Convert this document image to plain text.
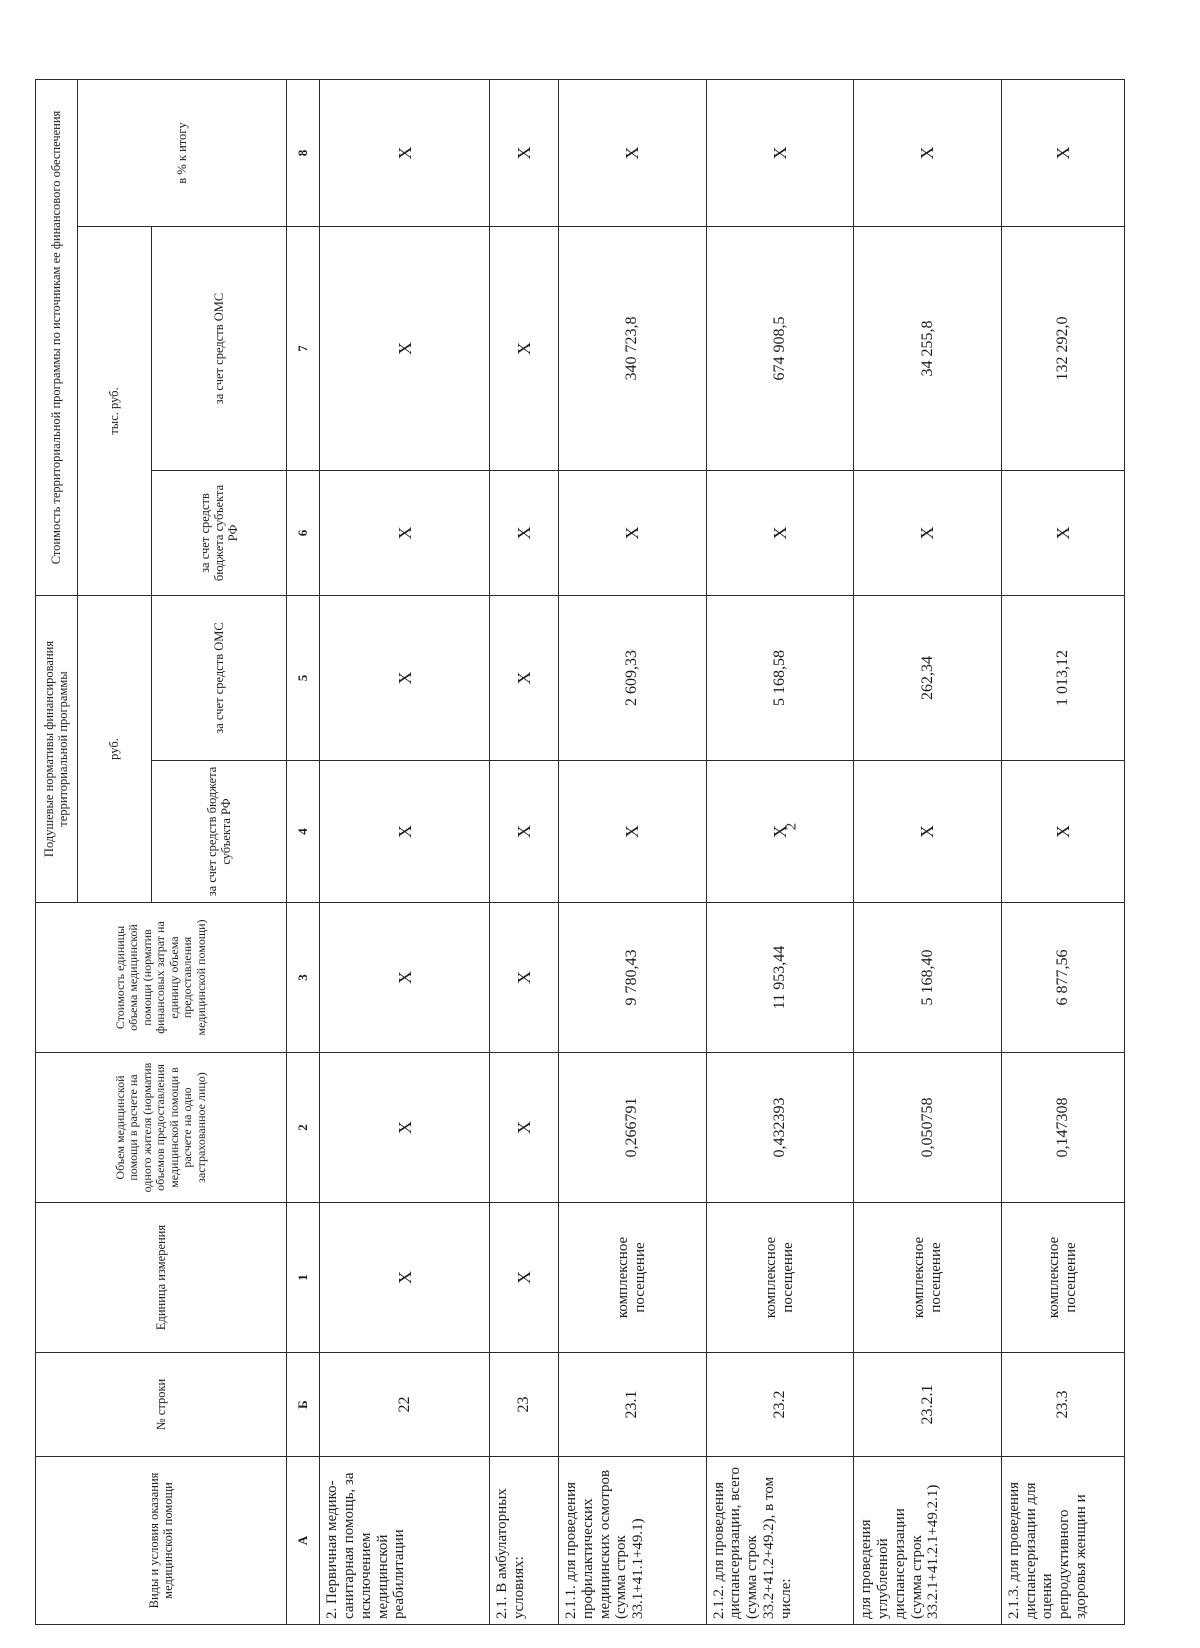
2
Виды и условия оказания медицинской помощи	№ строки	Единица измерения	Объем медицинской помощи в расчете на одного жителя (норматив объемов предоставления медицинской помощи в расчете на одно застрахованное лицо)	Стоимость единицы объема медицинской помощи (норматив финансовых затрат на единицу объема предоставления медицинской помощи)	Подушевые нормативы финансирования территориальной программы		Стоимость территориальной программы по источникам ее финансового обеспечения		
					руб.		тыс. руб.		в % к итогу
					за счет средств бюджета субъекта РФ	за счет средств ОМС	за счет средств бюджета субъекта РФ	за счет средств ОМС	
А	Б	1	2	3	4	5	6	7	8
2. Первичная медико-санитарная помощь, за исключением медицинской реабилитации	22	X	X	X	X	X	X	X	X
2.1. В амбулаторных условиях:	23	X	X	X	X	X	X	X	X
2.1.1. для проведения профилактических медицинских осмотров (сумма строк 33.1+41.1+49.1)	23.1	комплексное посещение	0,266791	9 780,43	X	2 609,33	X	340 723,8	X
2.1.2. для проведения диспансеризации, всего (сумма строк 33.2+41.2+49.2), в том числе:	23.2	комплексное посещение	0,432393	11 953,44	X	5 168,58	X	674 908,5	X
для проведения углубленной диспансеризации (сумма строк 33.2.1+41.2.1+49.2.1)	23.2.1	комплексное посещение	0,050758	5 168,40	X	262,34	X	34 255,8	X
2.1.3. для проведения диспансеризации для оценки репродуктивного здоровья женщин и	23.3	комплексное посещение	0,147308	6 877,56	X	1 013,12	X	132 292,0	X
